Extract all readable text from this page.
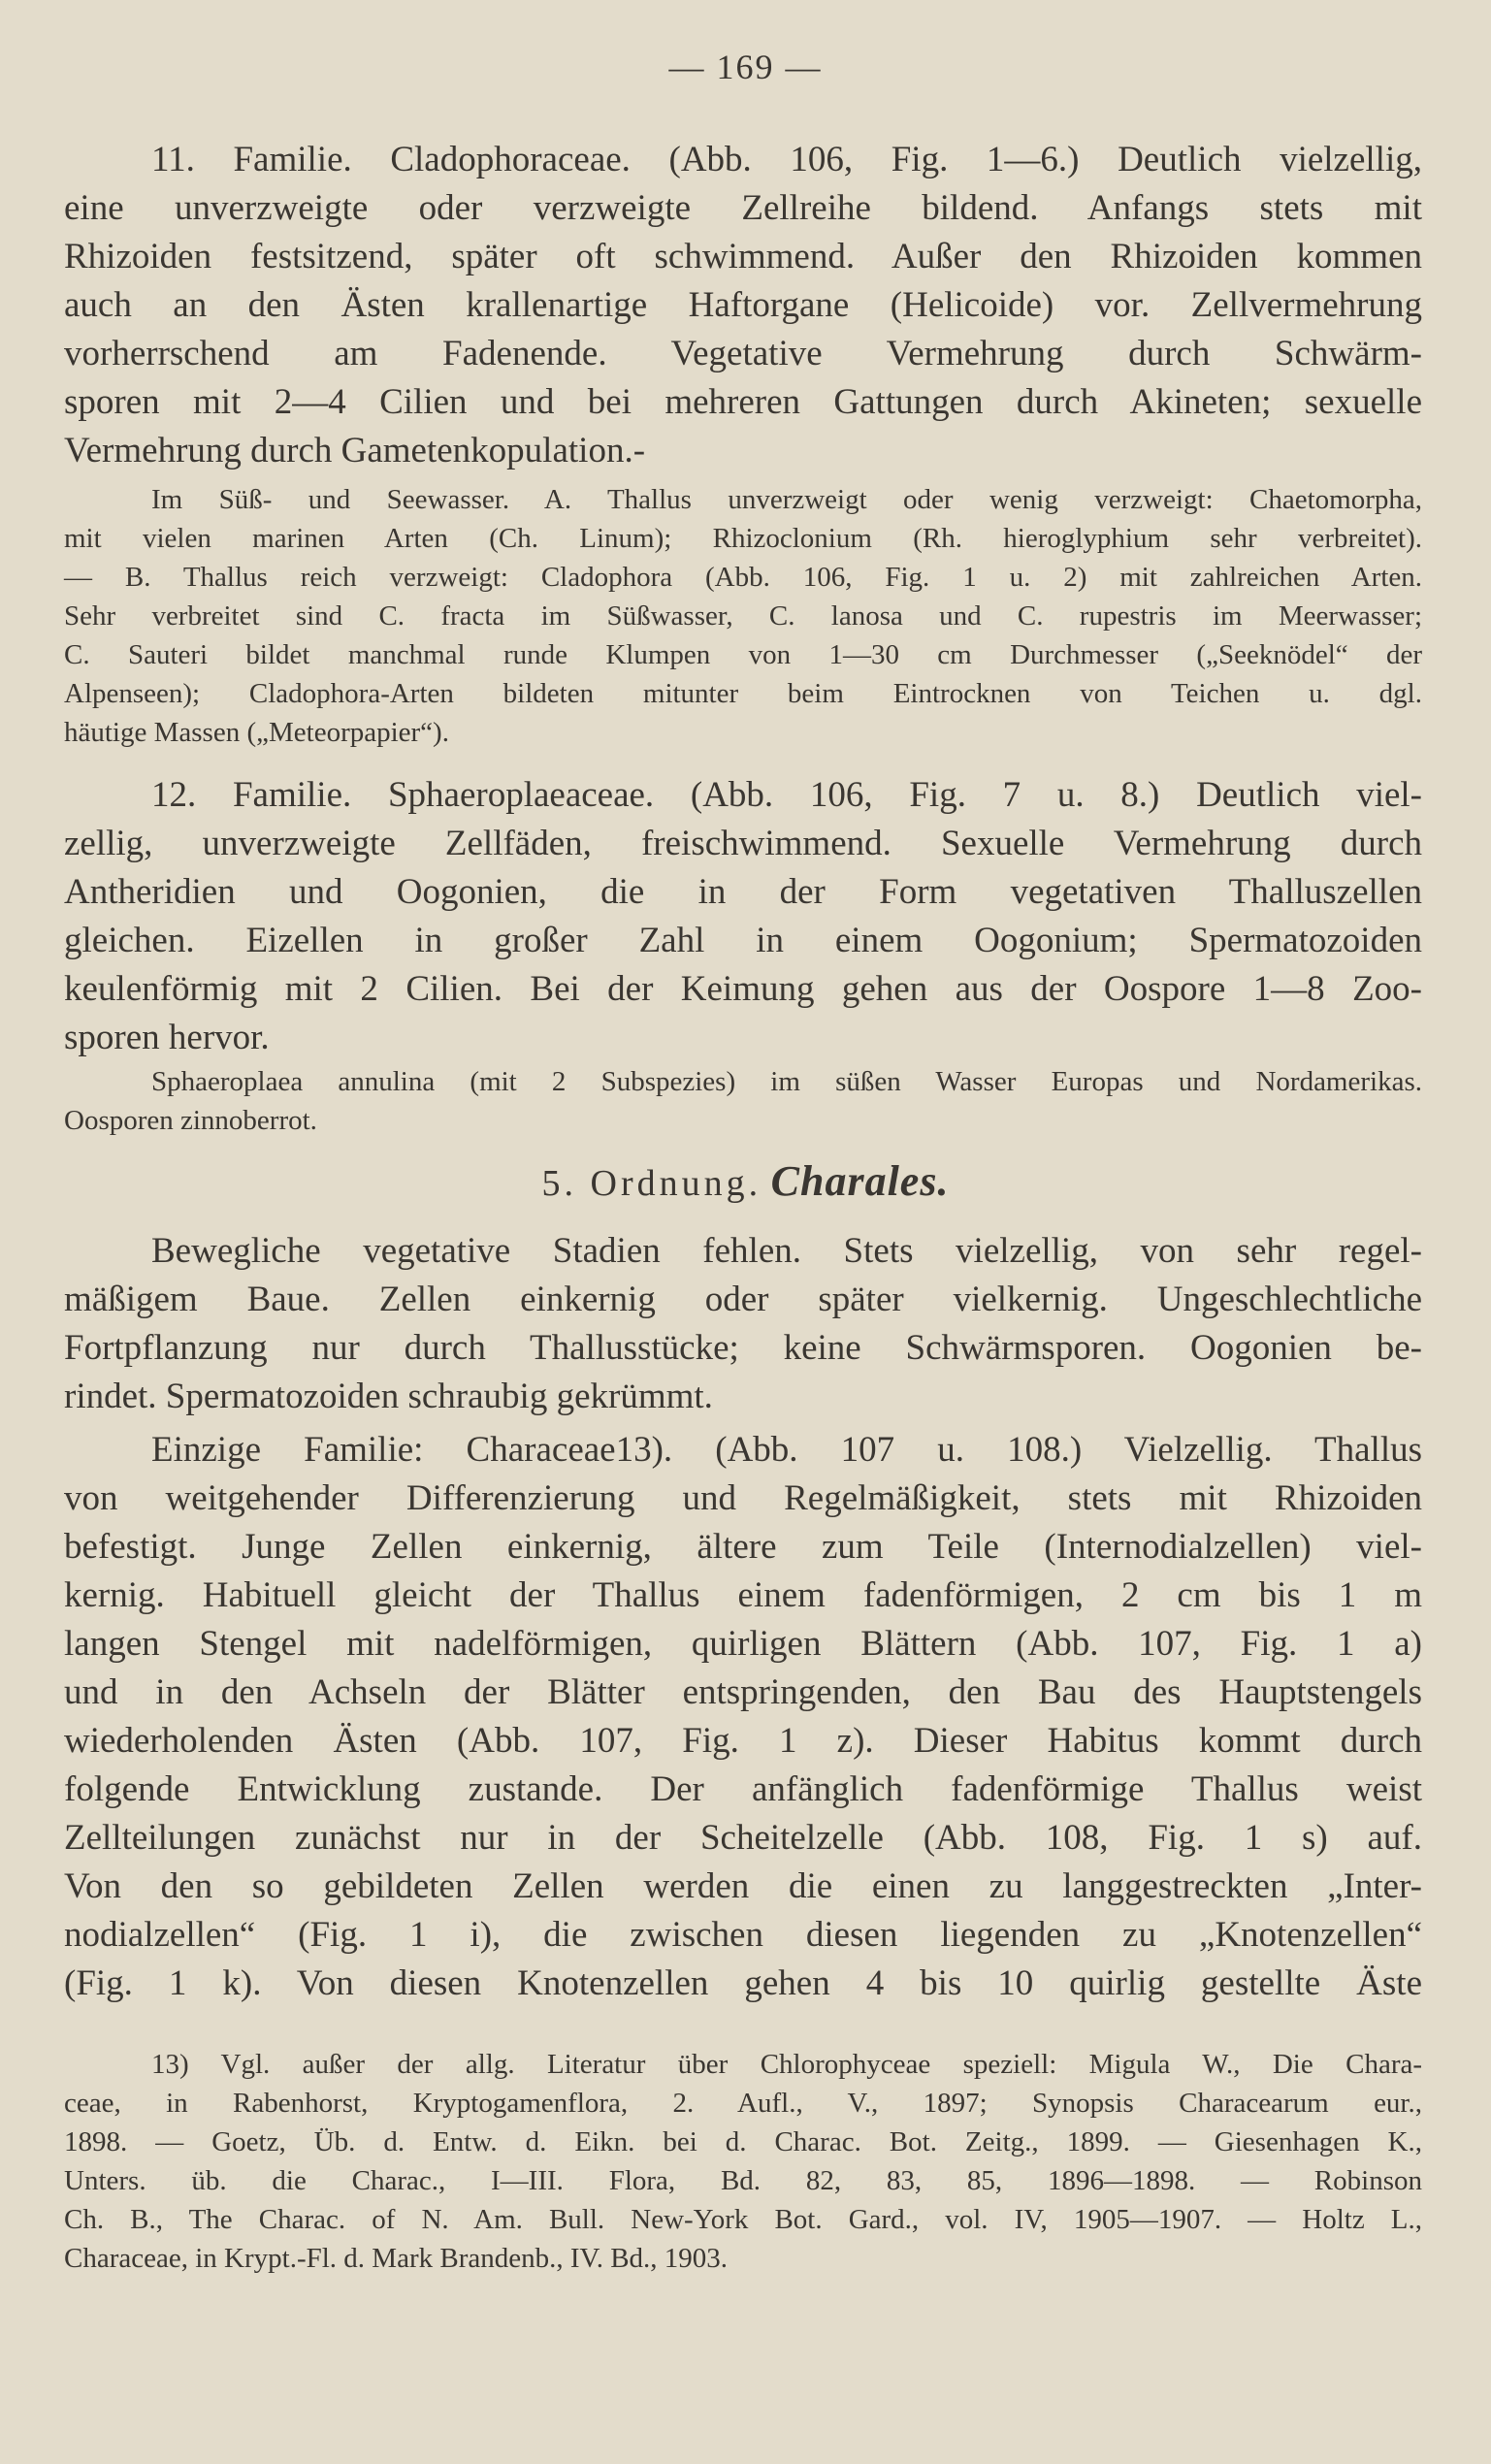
— 169 —

11. Familie. Cladophoraceae. (Abb. 106, Fig. 1—6.) Deutlich vielzellig,
eine unverzweigte oder verzweigte Zellreihe bildend. Anfangs stets mit
Rhizoiden festsitzend, später oft schwimmend. Außer den Rhizoiden kommen
auch an den Ästen krallenartige Haftorgane (Helicoide) vor. Zellvermehrung
vorherrschend am Fadenende. Vegetative Vermehrung durch Schwärm-
sporen mit 2—4 Cilien und bei mehreren Gattungen durch Akineten; sexuelle
Vermehrung durch Gametenkopulation.-

Im Süß- und Seewasser. A. Thallus unverzweigt oder wenig verzweigt: Chaetomorpha,
mit vielen marinen Arten (Ch. Linum); Rhizoclonium (Rh. hieroglyphium sehr verbreitet).
— B. Thallus reich verzweigt: Cladophora (Abb. 106, Fig. 1 u. 2) mit zahlreichen Arten.
Sehr verbreitet sind C. fracta im Süßwasser, C. lanosa und C. rupestris im Meerwasser;
C. Sauteri bildet manchmal runde Klumpen von 1—30 cm Durchmesser („Seeknödel“ der
Alpenseen); Cladophora-Arten bildeten mitunter beim Eintrocknen von Teichen u. dgl.
häutige Massen („Meteorpapier“).

12. Familie. Sphaeroplaeaceae. (Abb. 106, Fig. 7 u. 8.) Deutlich viel-
zellig, unverzweigte Zellfäden, freischwimmend. Sexuelle Vermehrung durch
Antheridien und Oogonien, die in der Form vegetativen Thalluszellen
gleichen. Eizellen in großer Zahl in einem Oogonium; Spermatozoiden
keulenförmig mit 2 Cilien. Bei der Keimung gehen aus der Oospore 1—8 Zoo-
sporen hervor.

Sphaeroplaea annulina (mit 2 Subspezies) im süßen Wasser Europas und Nordamerikas.
Oosporen zinnoberrot.

5. Ordnung. Charales.

Bewegliche vegetative Stadien fehlen. Stets vielzellig, von sehr regel-
mäßigem Baue. Zellen einkernig oder später vielkernig. Ungeschlechtliche
Fortpflanzung nur durch Thallusstücke; keine Schwärmsporen. Oogonien be-
rindet. Spermatozoiden schraubig gekrümmt.

Einzige Familie: Characeae13). (Abb. 107 u. 108.) Vielzellig. Thallus
von weitgehender Differenzierung und Regelmäßigkeit, stets mit Rhizoiden
befestigt. Junge Zellen einkernig, ältere zum Teile (Internodialzellen) viel-
kernig. Habituell gleicht der Thallus einem fadenförmigen, 2 cm bis 1 m
langen Stengel mit nadelförmigen, quirligen Blättern (Abb. 107, Fig. 1 a)
und in den Achseln der Blätter entspringenden, den Bau des Hauptstengels
wiederholenden Ästen (Abb. 107, Fig. 1 z). Dieser Habitus kommt durch
folgende Entwicklung zustande. Der anfänglich fadenförmige Thallus weist
Zellteilungen zunächst nur in der Scheitelzelle (Abb. 108, Fig. 1 s) auf.
Von den so gebildeten Zellen werden die einen zu langgestreckten „Inter-
nodialzellen“ (Fig. 1 i), die zwischen diesen liegenden zu „Knotenzellen“
(Fig. 1 k). Von diesen Knotenzellen gehen 4 bis 10 quirlig gestellte Äste

13) Vgl. außer der allg. Literatur über Chlorophyceae speziell: Migula W., Die Chara-
ceae, in Rabenhorst, Kryptogamenflora, 2. Aufl., V., 1897; Synopsis Characearum eur.,
1898. — Goetz, Üb. d. Entw. d. Eikn. bei d. Charac. Bot. Zeitg., 1899. — Giesenhagen K.,
Unters. üb. die Charac., I—III. Flora, Bd. 82, 83, 85, 1896—1898. — Robinson
Ch. B., The Charac. of N. Am. Bull. New-York Bot. Gard., vol. IV, 1905—1907. — Holtz L.,
Characeae, in Krypt.-Fl. d. Mark Brandenb., IV. Bd., 1903.
